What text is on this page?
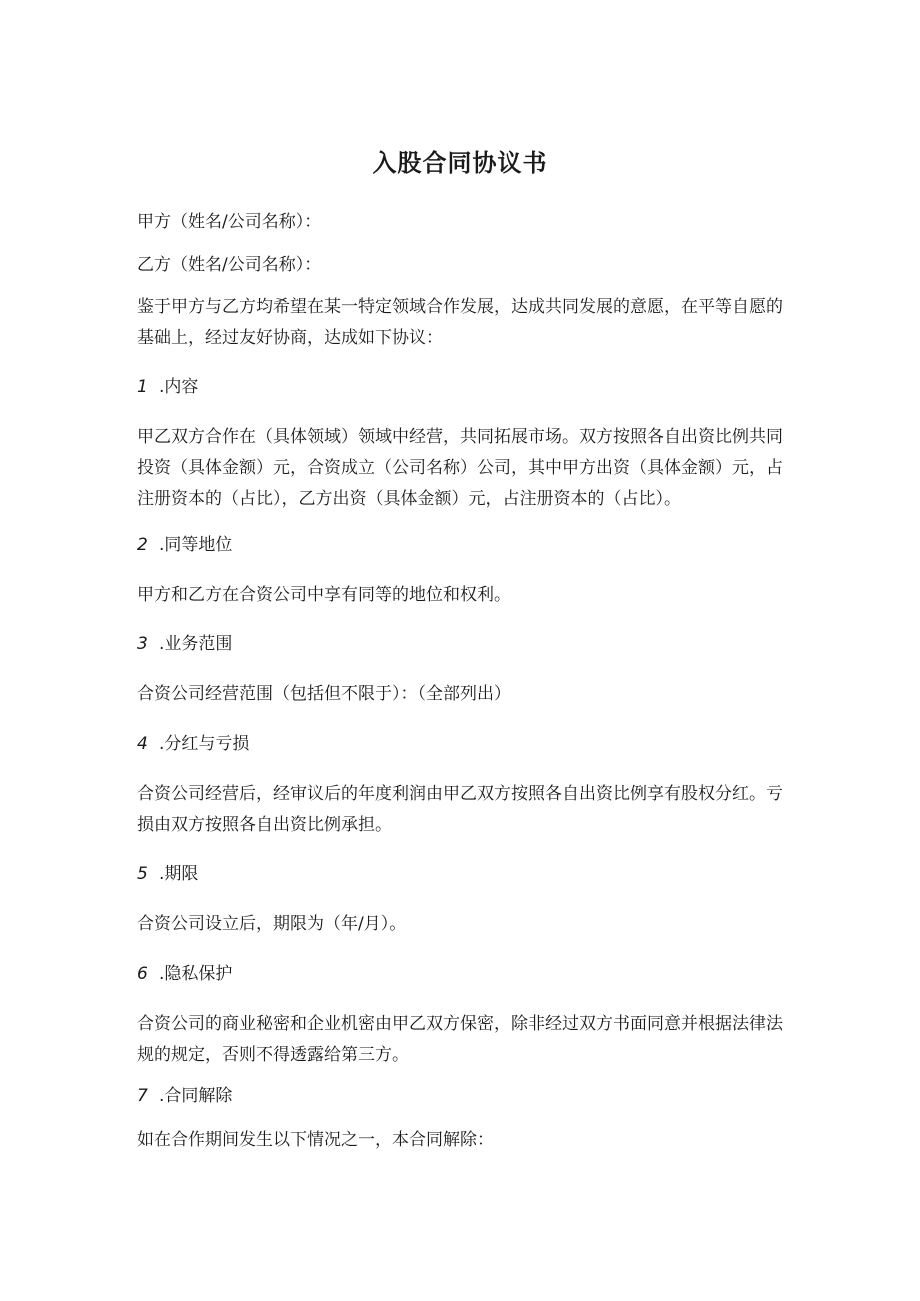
入股合同协议书

甲方（姓名/公司名称）：

乙方（姓名/公司名称）：

鉴于甲方与乙方均希望在某一特定领域合作发展，达成共同发展的意愿，在平等自愿的基础上，经过友好协商，达成如下协议：

1 .内容

甲乙双方合作在（具体领域）领域中经营，共同拓展市场。双方按照各自出资比例共同投资（具体金额）元，合资成立（公司名称）公司，其中甲方出资（具体金额）元，占注册资本的（占比），乙方出资（具体金额）元，占注册资本的（占比）。

2 .同等地位

甲方和乙方在合资公司中享有同等的地位和权利。

3 .业务范围

合资公司经营范围（包括但不限于）：（全部列出）

4 .分红与亏损

合资公司经营后，经审议后的年度利润由甲乙双方按照各自出资比例享有股权分红。亏损由双方按照各自出资比例承担。

5 .期限

合资公司设立后，期限为（年/月）。

6 .隐私保护

合资公司的商业秘密和企业机密由甲乙双方保密，除非经过双方书面同意并根据法律法规的规定，否则不得透露给第三方。

7 .合同解除

如在合作期间发生以下情况之一，本合同解除：
